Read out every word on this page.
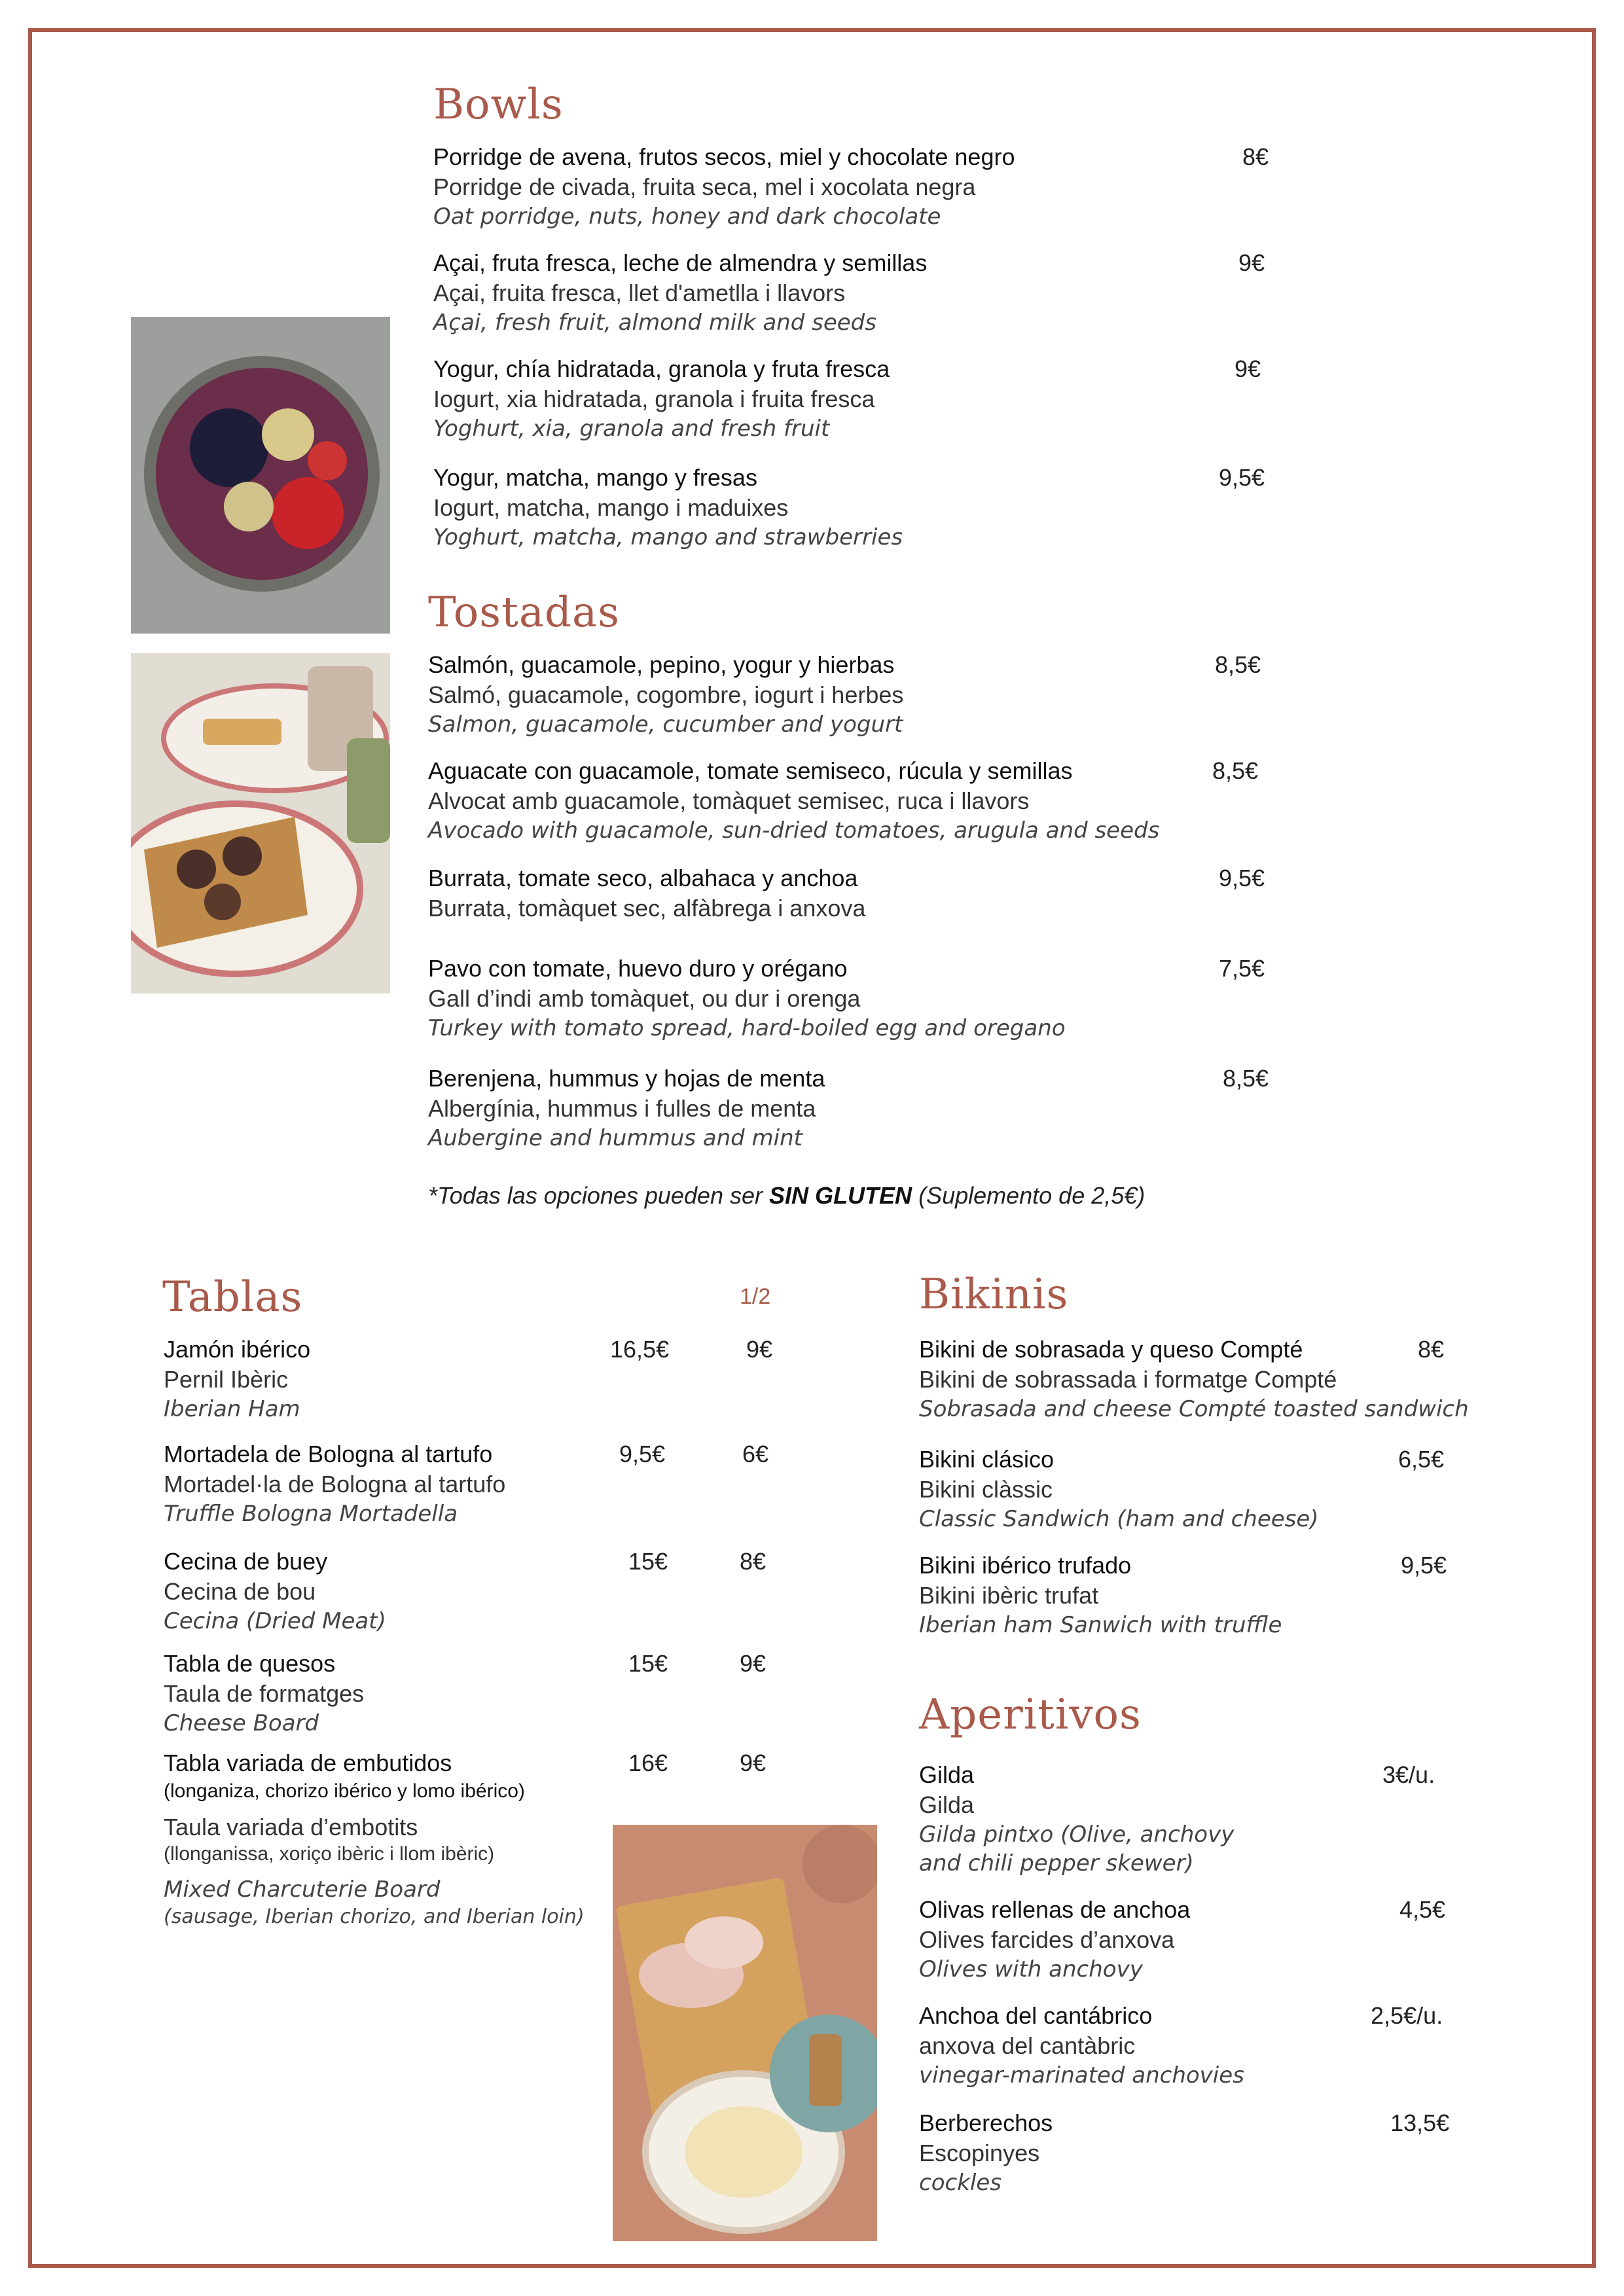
Bowls
Porridge de avena, frutos secos, miel y chocolate negro
Porridge de civada, fruita seca, mel i xocolata negra
Oat porridge, nuts, honey and dark chocolate
8€
Açai, fruta fresca, leche de almendra y semillas
Açai, fruita fresca, llet d'ametlla i llavors
Açai, fresh fruit, almond milk and seeds
9€
Yogur, chía hidratada, granola y fruta fresca
Iogurt, xia hidratada, granola i fruita fresca
Yoghurt, xia, granola and fresh fruit
9€
Yogur, matcha, mango y fresas
Iogurt, matcha, mango i maduixes
Yoghurt, matcha, mango and strawberries
9,5€
Tostadas
Salmón, guacamole, pepino, yogur y hierbas
Salmó, guacamole, cogombre, iogurt i herbes
Salmon, guacamole, cucumber and yogurt
8,5€
Aguacate con guacamole, tomate semiseco, rúcula y semillas
Alvocat amb guacamole, tomàquet semisec, ruca i llavors
Avocado with guacamole, sun-dried tomatoes, arugula and seeds
8,5€
Burrata, tomate seco, albahaca y anchoa
Burrata, tomàquet sec, alfàbrega i anxova
9,5€
Pavo con tomate, huevo duro y orégano
Gall d’indi amb tomàquet, ou dur i orenga
Turkey with tomato spread, hard-boiled egg and oregano
7,5€
Berenjena, hummus y hojas de menta
Albergínia, hummus i fulles de menta
Aubergine and hummus and mint
8,5€
*Todas las opciones pueden ser SIN GLUTEN (Suplemento de 2,5€)
Tablas	1/2
Jamón ibérico
Pernil Ibèric
Iberian Ham
16,5€	9€
Mortadela de Bologna al tartufo
Mortadel·la de Bologna al tartufo
Truffle Bologna Mortadella
9,5€	6€
Cecina de buey
Cecina de bou
Cecina (Dried Meat)
15€	8€
Tabla de quesos
Taula de formatges
Cheese Board
15€	9€
Tabla variada de embutidos
(longaniza, chorizo ibérico y lomo ibérico)
Taula variada d’embotits
(llonganissa, xoriço ibèric i llom ibèric)
Mixed Charcuterie Board
(sausage, Iberian chorizo, and Iberian loin)
16€	9€
Bikinis
Bikini de sobrasada y queso Compté
Bikini de sobrassada i formatge Compté
Sobrasada and cheese Compté toasted sandwich
8€
Bikini clásico
Bikini clàssic
Classic Sandwich (ham and cheese)
6,5€
Bikini ibérico trufado
Bikini ibèric trufat
Iberian ham Sanwich with truffle
9,5€
Aperitivos
Gilda
Gilda
Gilda pintxo (Olive, anchovy
and chili pepper skewer)
3€/u.
Olivas rellenas de anchoa
Olives farcides d’anxova
Olives with anchovy
4,5€
Anchoa del cantábrico
anxova del cantàbric
vinegar-marinated anchovies
2,5€/u.
Berberechos
Escopinyes
cockles
13,5€
